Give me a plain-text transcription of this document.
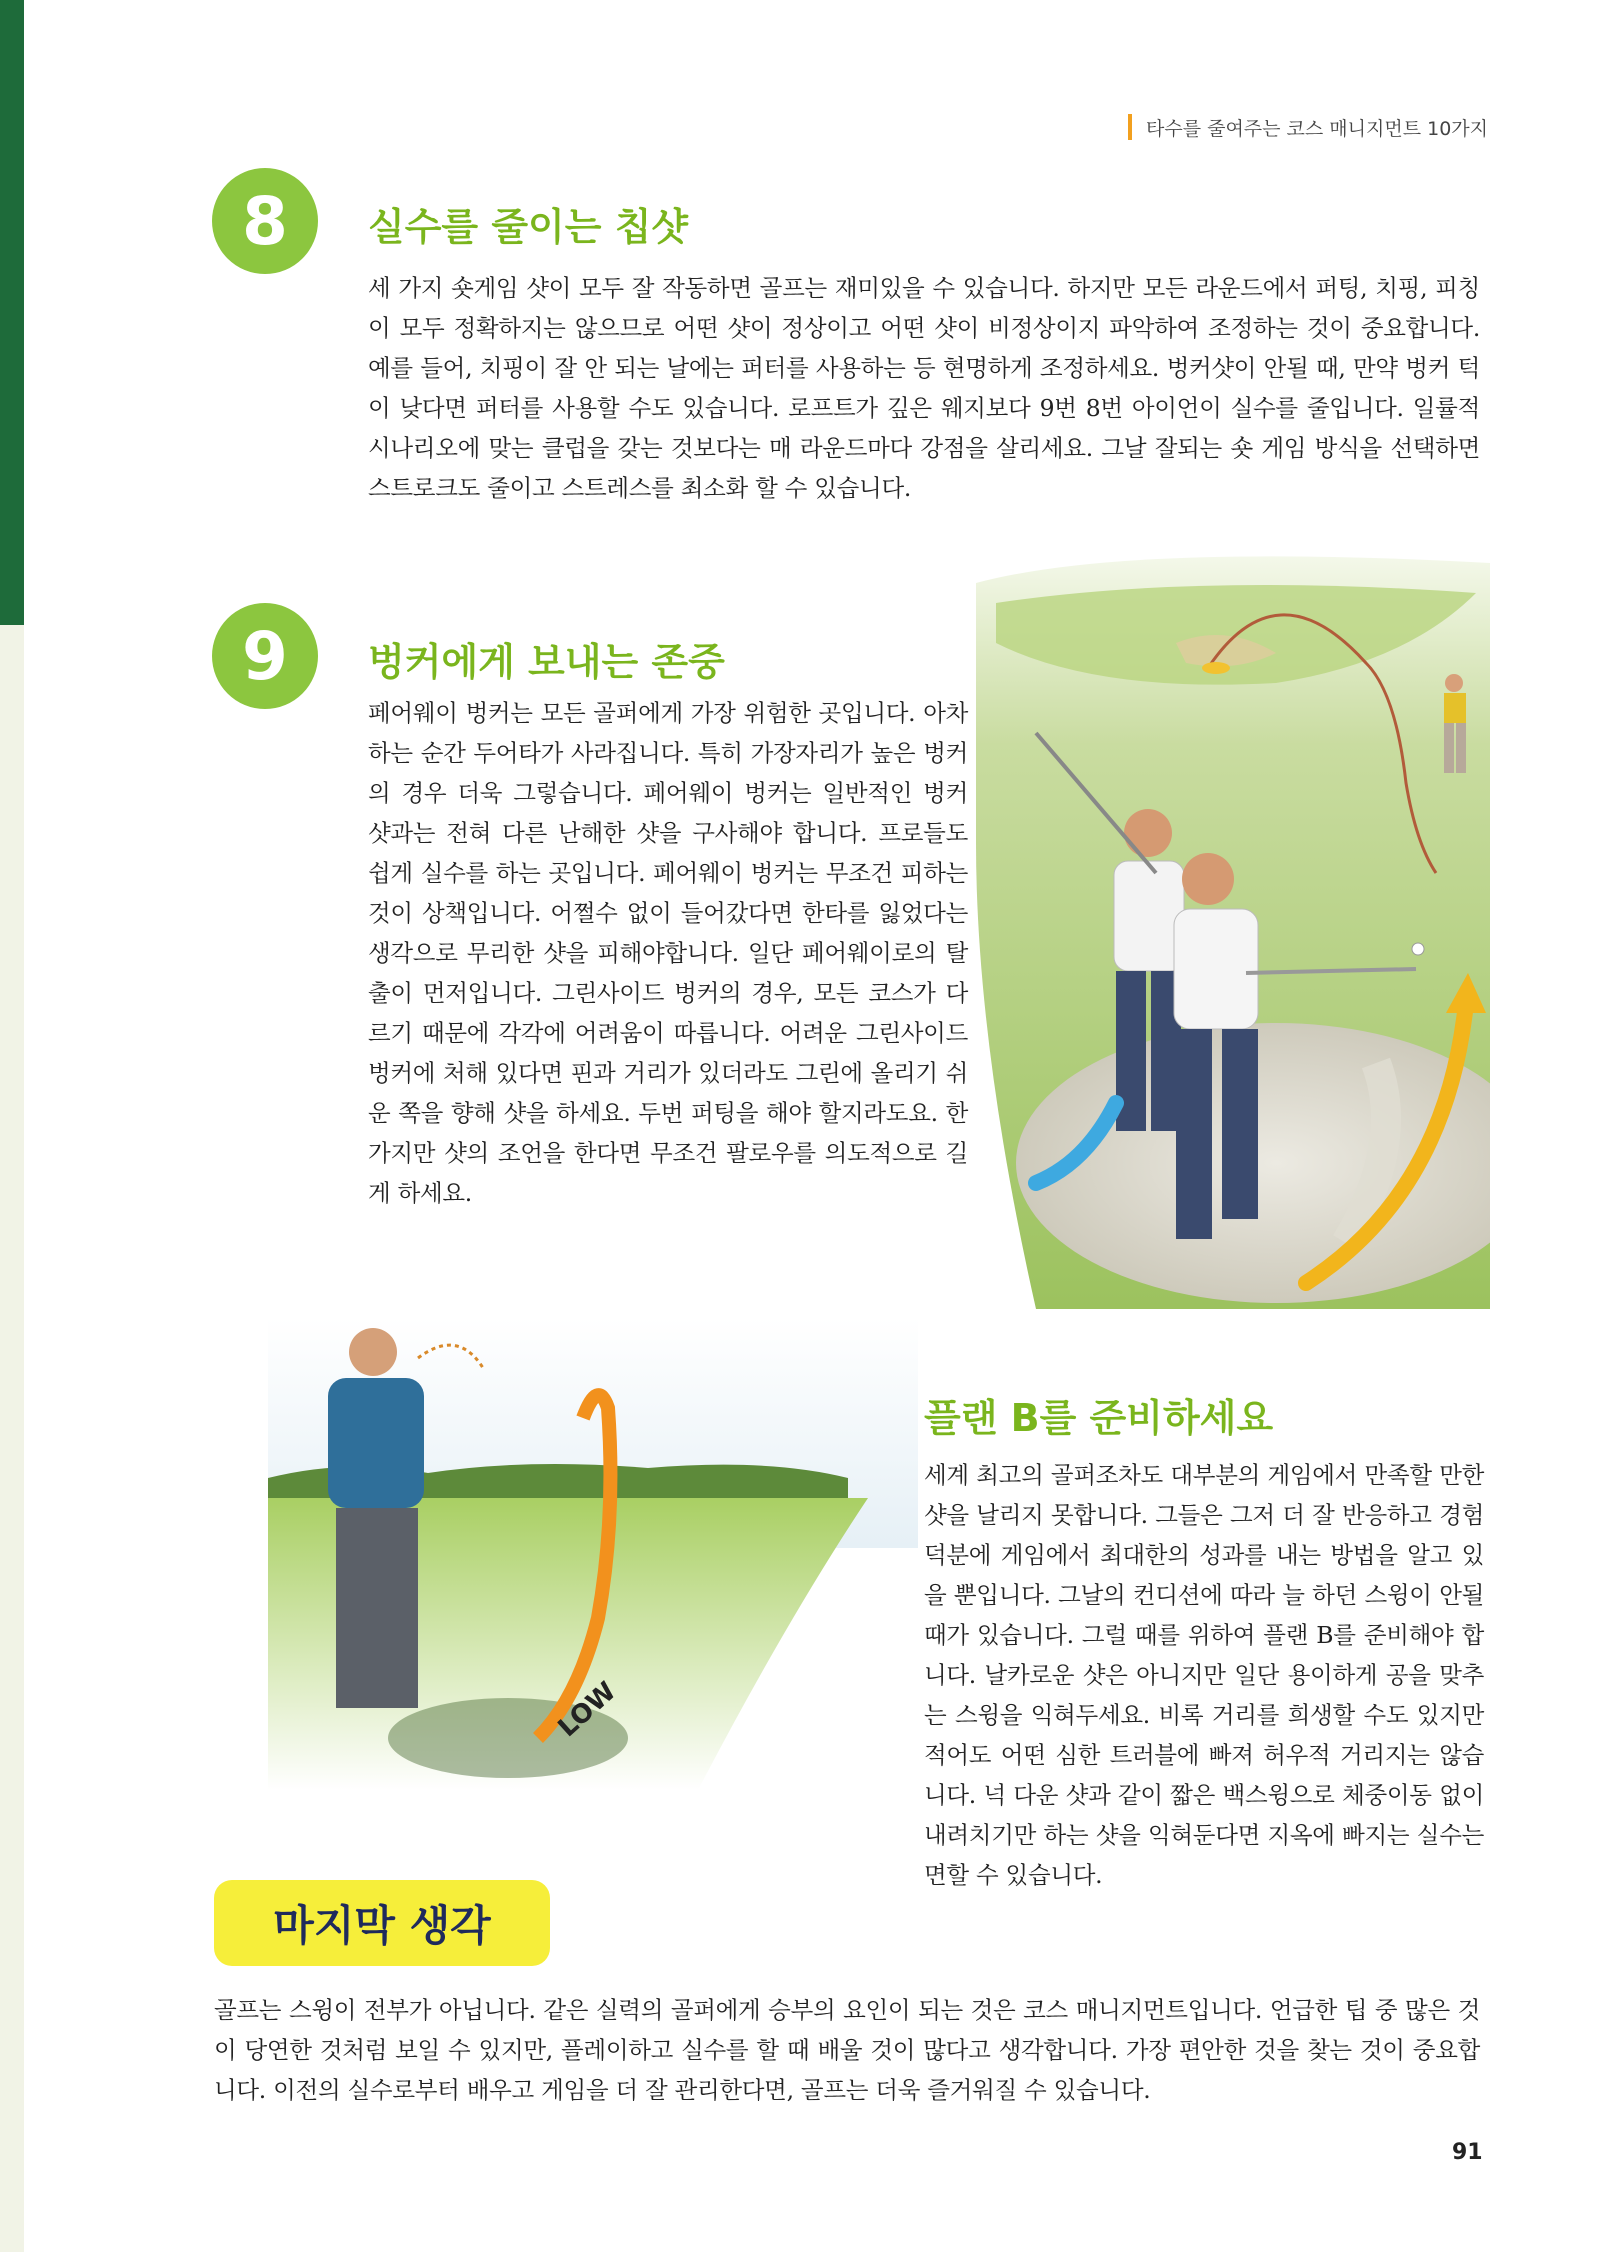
타수를 줄여주는 코스 매니지먼트 10가지
8	실수를 줄이는 칩샷

세 가지 숏게임 샷이 모두 잘 작동하면 골프는 재미있을 수 있습니다. 하지만 모든 라운드에서 퍼팅, 치핑, 피칭이 모두 정확하지는 않으므로 어떤 샷이 정상이고 어떤 샷이 비정상이지 파악하여 조정하는 것이 중요합니다. 예를 들어, 치핑이 잘 안 되는 날에는 퍼터를 사용하는 등 현명하게 조정하세요. 벙커샷이 안될 때, 만약 벙커 턱이 낮다면 퍼터를 사용할 수도 있습니다. 로프트가 깊은 웨지보다 9번 8번 아이언이 실수를 줄입니다. 일률적 시나리오에 맞는 클럽을 갖는 것보다는 매 라운드마다 강점을 살리세요. 그날 잘되는 숏 게임 방식을 선택하면 스트로크도 줄이고 스트레스를 최소화 할 수 있습니다.

9	벙커에게 보내는 존중

페어웨이 벙커는 모든 골퍼에게 가장 위험한 곳입니다. 아차하는 순간 두어타가 사라집니다. 특히 가장자리가 높은 벙커의 경우 더욱 그렇습니다. 페어웨이 벙커는 일반적인 벙커 샷과는 전혀 다른 난해한 샷을 구사해야 합니다. 프로들도 쉽게 실수를 하는 곳입니다. 페어웨이 벙커는 무조건 피하는 것이 상책입니다. 어쩔수 없이 들어갔다면 한타를 잃었다는 생각으로 무리한 샷을 피해야합니다. 일단 페어웨이로의 탈출이 먼저입니다. 그린사이드 벙커의 경우, 모든 코스가 다르기 때문에 각각에 어려움이 따릅니다. 어려운 그린사이드 벙커에 처해 있다면 핀과 거리가 있더라도 그린에 올리기 쉬운 쪽을 향해 샷을 하세요. 두번 퍼팅을 해야 할지라도요. 한가지만 샷의 조언을 한다면 무조건 팔로우를 의도적으로 길게 하세요.

플랜 B를 준비하세요

세계 최고의 골퍼조차도 대부분의 게임에서 만족할 만한 샷을 날리지 못합니다. 그들은 그저 더 잘 반응하고 경험 덕분에 게임에서 최대한의 성과를 내는 방법을 알고 있을 뿐입니다. 그날의 컨디션에 따라 늘 하던 스윙이 안될 때가 있습니다. 그럴 때를 위하여 플랜 B를 준비해야 합니다. 날카로운 샷은 아니지만 일단 용이하게 공을 맞추는 스윙을 익혀두세요. 비록 거리를 희생할 수도 있지만 적어도 어떤 심한 트러블에 빠져 허우적 거리지는 않습니다. 넉 다운 샷과 같이 짧은 백스윙으로 체중이동 없이 내려치기만 하는 샷을 익혀둔다면 지옥에 빠지는 실수는 면할 수 있습니다.

LOW
마지막 생각

골프는 스윙이 전부가 아닙니다. 같은 실력의 골퍼에게 승부의 요인이 되는 것은 코스 매니지먼트입니다. 언급한 팁 중 많은 것이 당연한 것처럼 보일 수 있지만, 플레이하고 실수를 할 때 배울 것이 많다고 생각합니다. 가장 편안한 것을 찾는 것이 중요합니다. 이전의 실수로부터 배우고 게임을 더 잘 관리한다면, 골프는 더욱 즐거워질 수 있습니다.

91
